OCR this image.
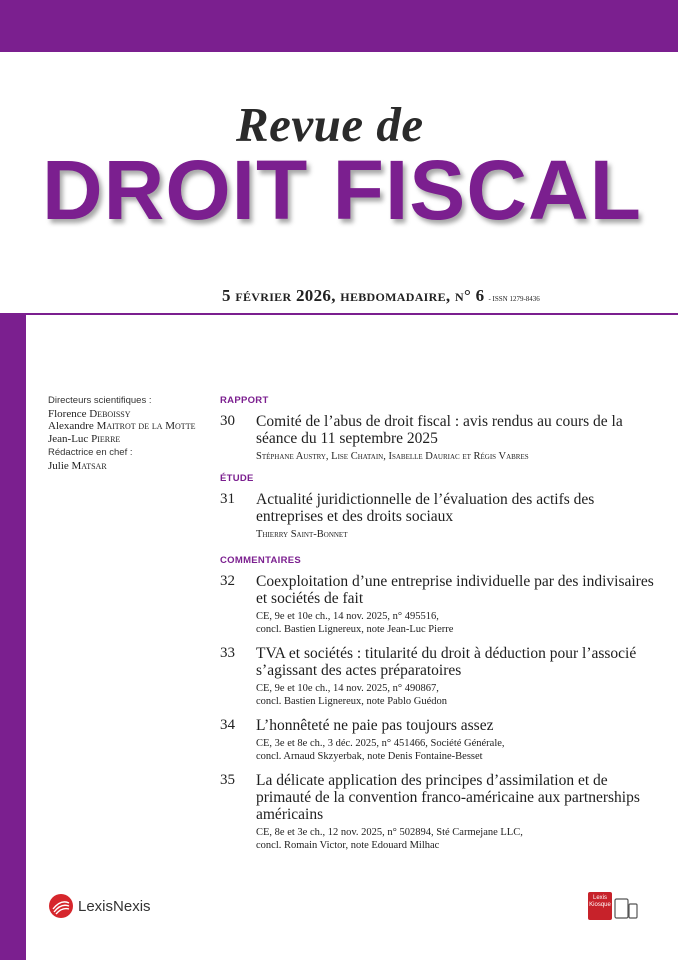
Revue de
DROIT FISCAL
5 février 2026, hebdomadaire, n° 6 - ISSN 1279-8436
Directeurs scientifiques :
Florence Deboissy
Alexandre Maitrot de la Motte
Jean-Luc Pierre
Rédactrice en chef :
Julie Matsar
RAPPORT
30 Comité de l’abus de droit fiscal : avis rendus au cours de la séance du 11 septembre 2025
Stéphane Austry, Lise Chatain, Isabelle Dauriac et Régis Vabres
ÉTUDE
31 Actualité juridictionnelle de l’évaluation des actifs des entreprises et des droits sociaux
Thierry Saint-Bonnet
COMMENTAIRES
32 Coexploitation d’une entreprise individuelle par des indivisaires et sociétés de fait
CE, 9e et 10e ch., 14 nov. 2025, n° 495516,
concl. Bastien Lignereux, note Jean-Luc Pierre
33 TVA et sociétés : titularité du droit à déduction pour l’associé s’agissant des actes préparatoires
CE, 9e et 10e ch., 14 nov. 2025, n° 490867,
concl. Bastien Lignereux, note Pablo Guédon
34 L’honnêteté ne paie pas toujours assez
CE, 3e et 8e ch., 3 déc. 2025, n° 451466, Société Générale,
concl. Arnaud Skzyerbak, note Denis Fontaine-Besset
35 La délicate application des principes d’assimilation et de primauté de la convention franco-américaine aux partnerships américains
CE, 8e et 3e ch., 12 nov. 2025, n° 502894, Sté Carmejane LLC,
concl. Romain Victor, note Edouard Milhac
LexisNexis	Lexis Kiosque
